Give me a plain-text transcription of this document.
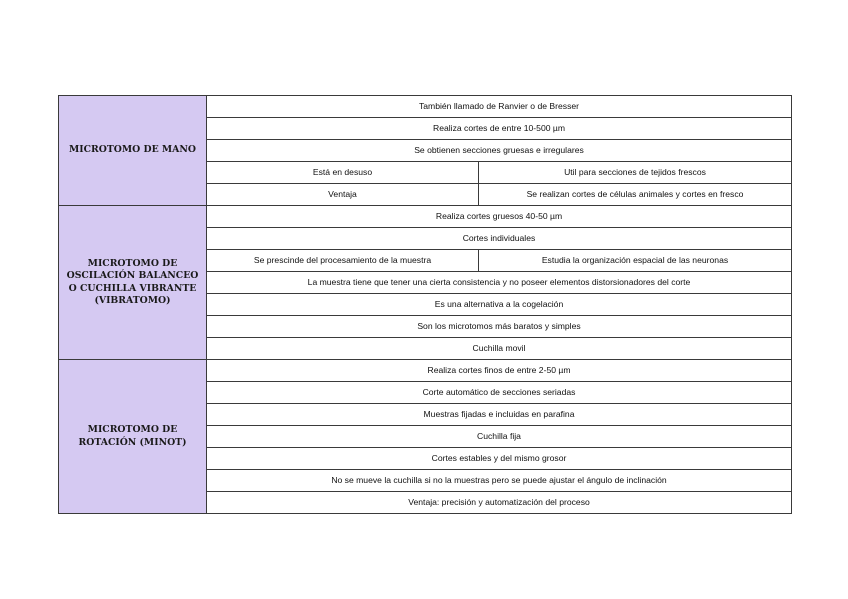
MICROTOMO DE MANO	También llamado de Ranvier o de Bresser	
	Realiza cortes de entre 10-500 µm	
	Se obtienen secciones gruesas e irregulares	
	Está en desuso	Util para secciones de tejidos frescos
	Ventaja	Se realizan cortes de células animales y cortes en fresco
MICROTOMO DE OSCILACIÓN BALANCEO O CUCHILLA VIBRANTE (VIBRATOMO)	Realiza cortes gruesos 40-50 µm	
	Cortes individuales	
	Se prescinde del procesamiento de la muestra	Estudia la organización espacial de las neuronas
	La muestra tiene que tener una cierta consistencia y no poseer elementos distorsionadores del corte	
	Es una alternativa a la cogelación	
	Son los microtomos más baratos y simples	
	Cuchilla movil	
MICROTOMO DE ROTACIÓN (MINOT)	Realiza cortes finos de entre 2-50 µm	
	Corte automático de secciones seriadas	
	Muestras fijadas e incluidas en parafina	
	Cuchilla fija	
	Cortes estables y del mismo grosor	
	No se mueve la cuchilla si no la muestras pero se puede ajustar el ángulo de inclinación	
	Ventaja: precisión y automatización del proceso	
